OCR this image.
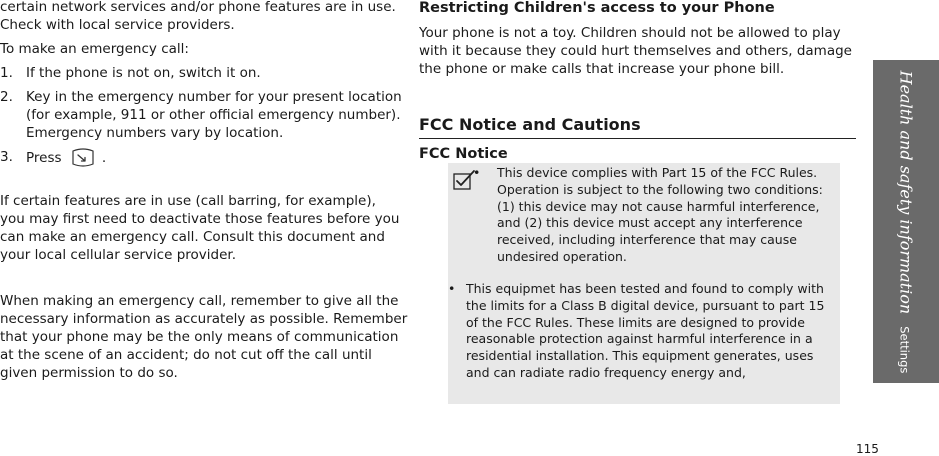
certain network services and/or phone features are in use. Check with local service providers.

To make an emergency call:

1. If the phone is not on, switch it on.
2. Key in the emergency number for your present location (for example, 911 or other official emergency number). Emergency numbers vary by location.
3. Press	.

If certain features are in use (call barring, for example), you may first need to deactivate those features before you can make an emergency call. Consult this document and your local cellular service provider.

When making an emergency call, remember to give all the necessary information as accurately as possible. Remember that your phone may be the only means of communication at the scene of an accident; do not cut off the call until given permission to do so.

Restricting Children's access to your Phone

Your phone is not a toy. Children should not be allowed to play with it because they could hurt themselves and others, damage the phone or make calls that increase your phone bill.

FCC Notice and Cautions
FCC Notice

•	This device complies with Part 15 of the FCC Rules. Operation is subject to the following two conditions: (1) this device may not cause harmful interference, and (2) this device must accept any interference received, including interference that may cause undesired operation.

• This equipmet has been tested and found to comply with the limits for a Class B digital device, pursuant to part 15 of the FCC Rules. These limits are designed to provide reasonable protection against harmful interference in a residential installation. This equipment generates, uses and can radiate radio frequency energy and,

Health and safety informationSettings
115
